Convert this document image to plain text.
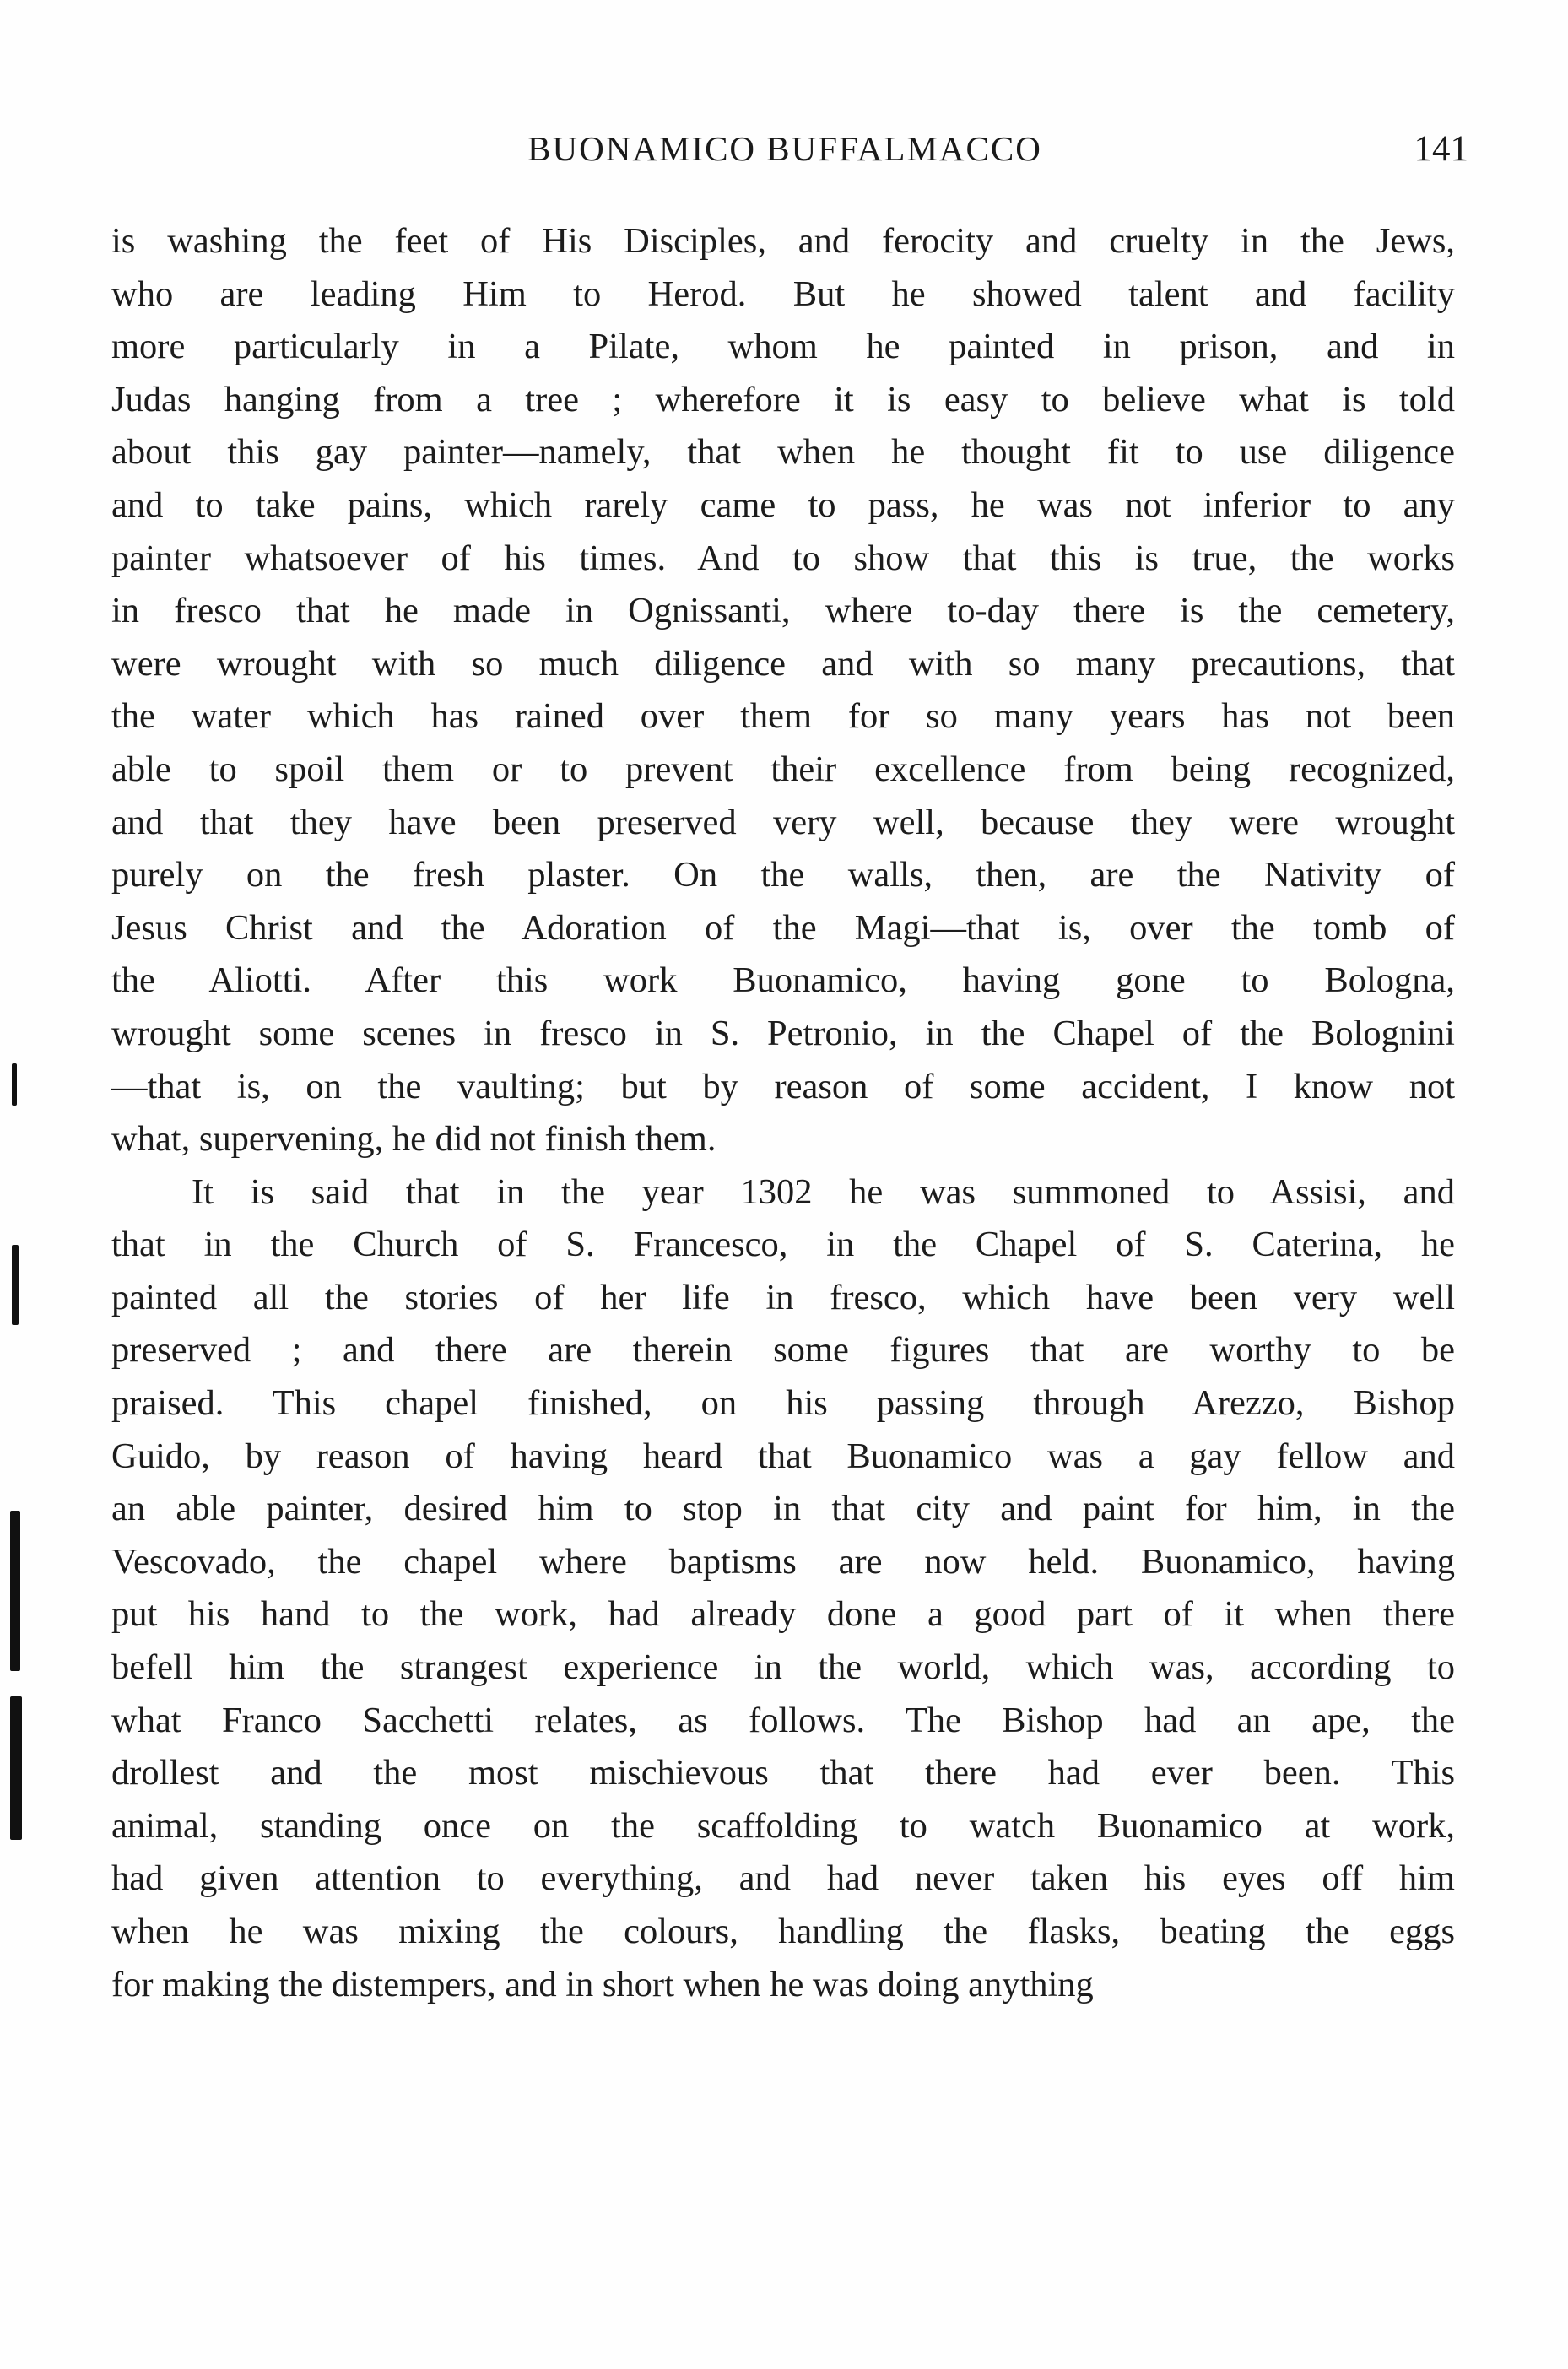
BUONAMICO BUFFALMACCO	141
is washing the feet of His Disciples, and ferocity and cruelty in the Jews,
who are leading Him to Herod. But he showed talent and facility
more particularly in a Pilate, whom he painted in prison, and in
Judas hanging from a tree ; wherefore it is easy to believe what is told
about this gay painter—namely, that when he thought fit to use diligence
and to take pains, which rarely came to pass, he was not inferior to any
painter whatsoever of his times. And to show that this is true, the works
in fresco that he made in Ognissanti, where to-day there is the cemetery,
were wrought with so much diligence and with so many precautions, that
the water which has rained over them for so many years has not been
able to spoil them or to prevent their excellence from being recognized,
and that they have been preserved very well, because they were wrought
purely on the fresh plaster. On the walls, then, are the Nativity of
Jesus Christ and the Adoration of the Magi—that is, over the tomb of
the Aliotti. After this work Buonamico, having gone to Bologna,
wrought some scenes in fresco in S. Petronio, in the Chapel of the Bolognini
—that is, on the vaulting; but by reason of some accident, I know not
what, supervening, he did not finish them.
It is said that in the year 1302 he was summoned to Assisi, and
that in the Church of S. Francesco, in the Chapel of S. Caterina, he
painted all the stories of her life in fresco, which have been very well
preserved ; and there are therein some figures that are worthy to be
praised. This chapel finished, on his passing through Arezzo, Bishop
Guido, by reason of having heard that Buonamico was a gay fellow and
an able painter, desired him to stop in that city and paint for him, in the
Vescovado, the chapel where baptisms are now held. Buonamico, having
put his hand to the work, had already done a good part of it when there
befell him the strangest experience in the world, which was, according to
what Franco Sacchetti relates, as follows. The Bishop had an ape, the
drollest and the most mischievous that there had ever been. This
animal, standing once on the scaffolding to watch Buonamico at work,
had given attention to everything, and had never taken his eyes off him
when he was mixing the colours, handling the flasks, beating the eggs
for making the distempers, and in short when he was doing anything
